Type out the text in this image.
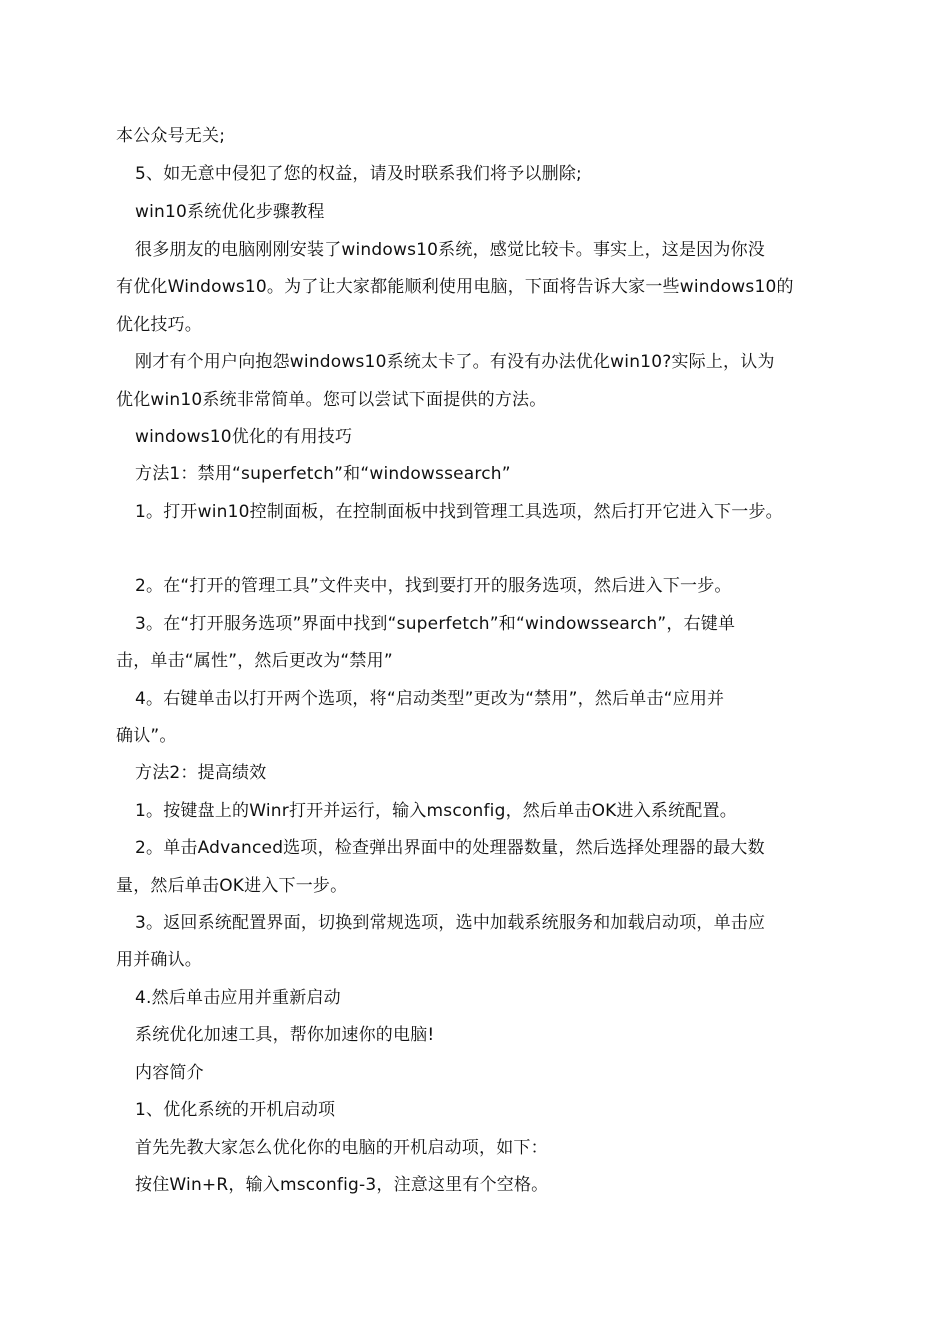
本公众号无关;
5、如无意中侵犯了您的权益，请及时联系我们将予以删除;
win10系统优化步骤教程
很多朋友的电脑刚刚安装了windows10系统，感觉比较卡。事实上，这是因为你没
有优化Windows10。为了让大家都能顺利使用电脑，下面将告诉大家一些windows10的
优化技巧。
刚才有个用户向抱怨windows10系统太卡了。有没有办法优化win10?实际上，认为
优化win10系统非常简单。您可以尝试下面提供的方法。
windows10优化的有用技巧
方法1：禁用“superfetch”和“windowssearch”
1。打开win10控制面板，在控制面板中找到管理工具选项，然后打开它进入下一步。
2。在“打开的管理工具”文件夹中，找到要打开的服务选项，然后进入下一步。
3。在“打开服务选项”界面中找到“superfetch”和“windowssearch”，右键单
击，单击“属性”，然后更改为“禁用”
4。右键单击以打开两个选项，将“启动类型”更改为“禁用”，然后单击“应用并
确认”。
方法2：提高绩效
1。按键盘上的Winr打开并运行，输入msconfig，然后单击OK进入系统配置。
2。单击Advanced选项，检查弹出界面中的处理器数量，然后选择处理器的最大数
量，然后单击OK进入下一步。
3。返回系统配置界面，切换到常规选项，选中加载系统服务和加载启动项，单击应
用并确认。
4.然后单击应用并重新启动
系统优化加速工具，帮你加速你的电脑!
内容简介
1、优化系统的开机启动项
首先先教大家怎么优化你的电脑的开机启动项，如下：
按住Win+R，输入msconfig-3，注意这里有个空格。
